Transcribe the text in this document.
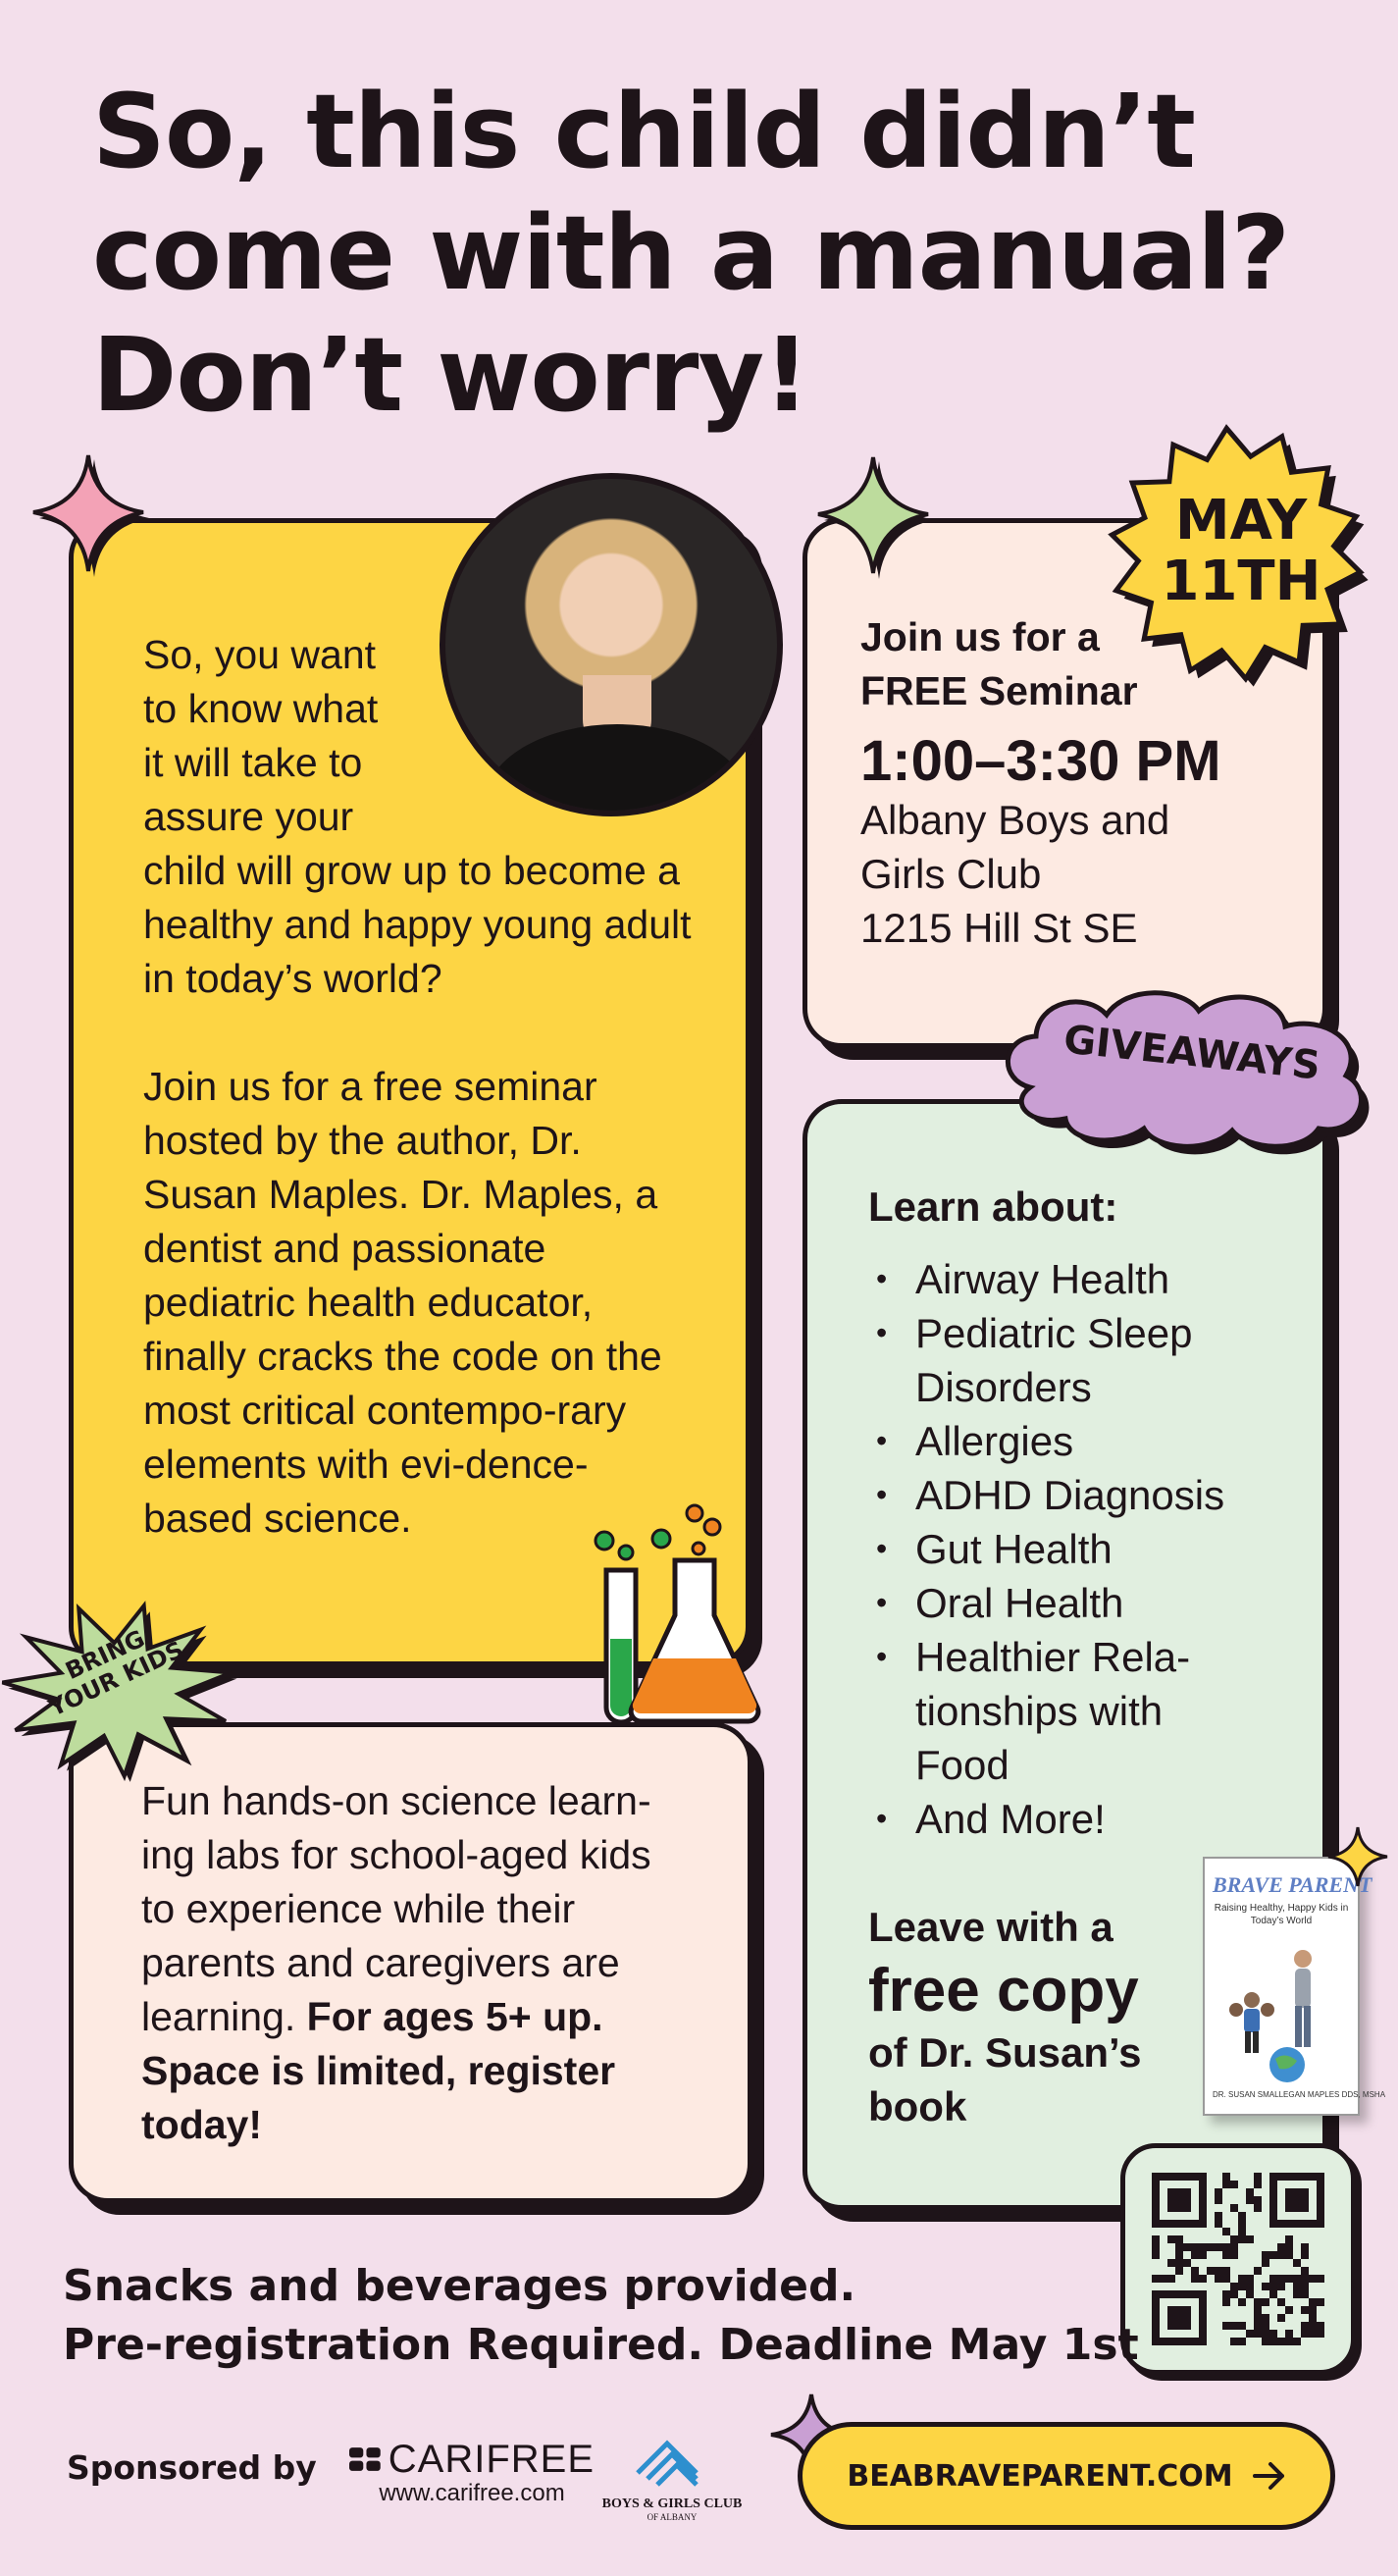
So, this child didn’t
come with a manual?
Don’t worry!

So, you want

to know what

it will take to

assure your

child will grow up to become a healthy and happy young adult in today’s world?

Join us for a free seminar hosted by the author, Dr. Susan Maples. Dr. Maples, a dentist and passionate pediatric health educator, finally cracks the code on the most critical contempo-rary elements with evi-dence-based science.

MAY
11TH
Join us for a
FREE Seminar
1:00–3:30 PM
Albany Boys and
Girls Club
1215 Hill St SE
GIVEAWAYS
Learn about:
• Airway Health
• Pediatric Sleep Disorders
• Allergies
• ADHD Diagnosis
• Gut Health
• Oral Health
• Healthier Rela-tionships with Food
• And More!
Leave with a
free copy
of Dr. Susan’s book
BRAVE PARENT
Raising Healthy, Happy Kids in Today’s World
DR. SUSAN SMALLEGAN MAPLES DDS, MSHA
BRING YOUR KIDS
Fun hands-on science learn-ing labs for school-aged kids to experience while their parents and caregivers are learning. For ages 5+ up. Space is limited, register today!
Snacks and beverages provided.
Pre-registration Required. Deadline May 1st
Sponsored by CARIFREE
www.carifree.com	BOYS & GIRLS CLUB
OF ALBANY
BEABRAVEPARENT.COM
